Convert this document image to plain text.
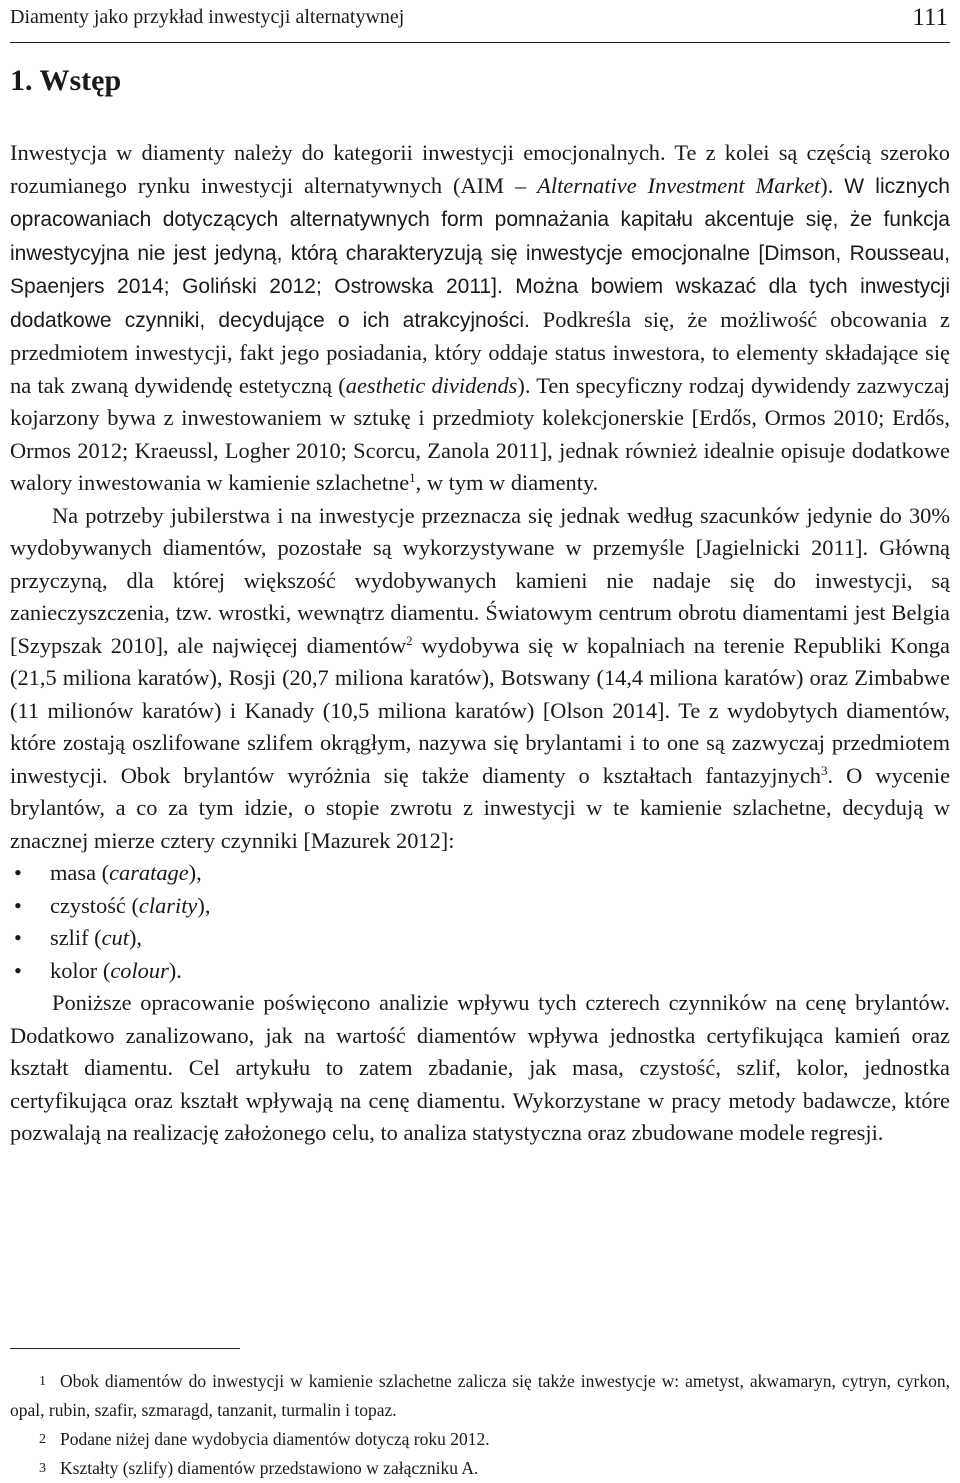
Diamenty jako przykład inwestycji alternatywnej	111
1. Wstęp

Inwestycja w diamenty należy do kategorii inwestycji emocjonalnych. Te z kolei są częścią szeroko rozumianego rynku inwestycji alternatywnych (AIM – Alternative Investment Market). W licznych opracowaniach dotyczących alternatywnych form pomnażania kapitału akcentuje się, że funkcja inwestycyjna nie jest jedyną, którą charakteryzują się inwestycje emocjonalne [Dimson, Rousseau, Spaenjers 2014; Goliński 2012; Ostrowska 2011]. Można bowiem wskazać dla tych inwestycji dodatkowe czynniki, decydujące o ich atrakcyjności. Podkreśla się, że możliwość obcowania z przedmiotem inwestycji, fakt jego posiadania, który oddaje status inwestora, to elementy składające się na tak zwaną dywidendę estetyczną (aesthetic dividends). Ten specyficzny rodzaj dywidendy zazwyczaj kojarzony bywa z inwestowaniem w sztukę i przedmioty kolekcjonerskie [Erdős, Ormos 2010; Erdős, Ormos 2012; Kraeussl, Logher 2010; Scorcu, Zanola 2011], jednak również idealnie opisuje dodatkowe walory inwestowania w kamienie szlachetne$^1$, w tym w diamenty.

Na potrzeby jubilerstwa i na inwestycje przeznacza się jednak według szacunków jedynie do 30% wydobywanych diamentów, pozostałe są wykorzystywane w przemyśle [Jagielnicki 2011]. Główną przyczyną, dla której większość wydobywanych kamieni nie nadaje się do inwestycji, są zanieczyszczenia, tzw. wrostki, wewnątrz diamentu. Światowym centrum obrotu diamentami jest Belgia [Szypszak 2010], ale najwięcej diamentów$^2$ wydobywa się w kopalniach na terenie Republiki Konga (21,5 miliona karatów), Rosji (20,7 miliona karatów), Botswany (14,4 miliona karatów) oraz Zimbabwe (11 milionów karatów) i Kanady (10,5 miliona karatów) [Olson 2014]. Te z wydobytych diamentów, które zostają oszlifowane szlifem okrągłym, nazywa się brylantami i to one są zazwyczaj przedmiotem inwestycji. Obok brylantów wyróżnia się także diamenty o kształtach fantazyjnych$^3$. O wycenie brylantów, a co za tym idzie, o stopie zwrotu z inwestycji w te kamienie szlachetne, decydują w znacznej mierze cztery czynniki [Mazurek 2012]:

• masa (caratage),
• czystość (clarity),
• szlif (cut),
• kolor (colour).

Poniższe opracowanie poświęcono analizie wpływu tych czterech czynników na cenę brylantów. Dodatkowo zanalizowano, jak na wartość diamentów wpływa jednostka certyfikująca kamień oraz kształt diamentu. Cel artykułu to zatem zbadanie, jak masa, czystość, szlif, kolor, jednostka certyfikująca oraz kształt wpływają na cenę diamentu. Wykorzystane w pracy metody badawcze, które pozwalają na realizację założonego celu, to analiza statystyczna oraz zbudowane modele regresji.

1 Obok diamentów do inwestycji w kamienie szlachetne zalicza się także inwestycje w: ametyst, akwamaryn, cytryn, cyrkon, opal, rubin, szafir, szmaragd, tanzanit, turmalin i topaz.

2 Podane niżej dane wydobycia diamentów dotyczą roku 2012.

3 Kształty (szlify) diamentów przedstawiono w załączniku A.
